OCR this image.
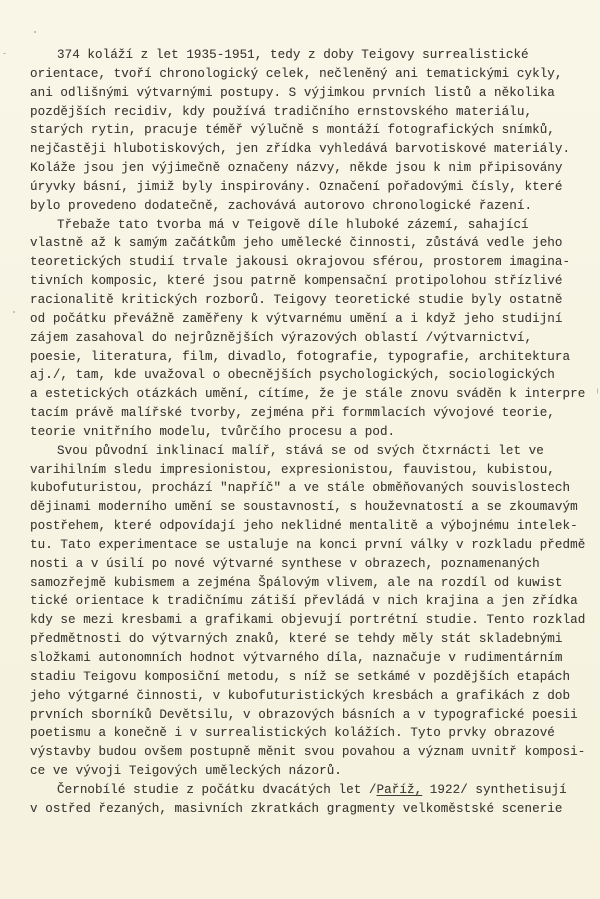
374 koláží z let 1935-1951, tedy z doby Teigovy surrealistické
orientace, tvoří chronologický celek, nečleněný ani tematickými cykly,
ani odlišnými výtvarnými postupy. S výjimkou prvních listů a několika
pozdějších recidiv, kdy používá tradičního ernstovského materiálu,
starých rytin, pracuje téměř výlučně s montáží fotografických snímků,
nejčastěji hlubotiskových, jen zřídka vyhledává barvotiskové materiály.
Koláže jsou jen výjimečně označeny názvy, někde jsou k nim připisovány
úryvky básní, jimiž byly inspirovány. Označení pořadovými čísly, které
bylo provedeno dodatečně, zachovává autorovo chronologické řazení.
Třebaže tato tvorba má v Teigově díle hluboké zázemí, sahající
vlastně až k samým začátkům jeho umělecké činnosti, zůstává vedle jeho
teoretických studií trvale jakousi okrajovou sférou, prostorem imagina-
tivních komposic, které jsou patrně kompensační protipolohou střízlivé
racionalitě kritických rozborů. Teigovy teoretické studie byly ostatně
od počátku převážně zaměřeny k výtvarnému umění a i když jeho studijní
zájem zasahoval do nejrůznějších výrazových oblastí /výtvarnictví,
poesie, literatura, film, divadlo, fotografie, typografie, architektura
aj./, tam, kde uvažoval o obecnějších psychologických, sociologických
a estetických otázkách umění, cítíme, že je stále znovu sváděn k interpre
tacím právě malířské tvorby, zejména při formmlacích vývojové teorie,
teorie vnitřního modelu, tvůrčího procesu a pod.
Svou původní inklinací malíř, stává se od svých čtxrnácti let ve
varihilním sledu impresionistou, expresionistou, fauvistou, kubistou,
kubofuturistou, prochází "napříč" a ve stále obměňovaných souvislostech
dějinami moderního umění se soustavností, s houževnatostí a se zkoumavým
postřehem, které odpovídají jeho neklidné mentalitě a výbojnému intelek-
tu. Tato experimentace se ustaluje na konci první války v rozkladu předmě
nosti a v úsilí po nové výtvarné synthese v obrazech, poznamenaných
samozřejmě kubismem a zejména Špálovým vlivem, ale na rozdíl od kuwist
tické orientace k tradičnímu zátiší převládá v nich krajina a jen zřídka
kdy se mezi kresbami a grafikami objevují portrétní studie. Tento rozklad
předmětnosti do výtvarných znaků, které se tehdy měly stát skladebnými
složkami autonomních hodnot výtvarného díla, naznačuje v rudimentárním
stadiu Teigovu komposiční metodu, s níž se setkámé v pozdějších etapách
jeho výtgarné činnosti, v kubofuturistických kresbách a grafikách z dob
prvních sborníků Devětsilu, v obrazových básních a v typografické poesii
poetismu a konečně i v surrealistických kolážích. Tyto prvky obrazové
výstavby budou ovšem postupně měnit svou povahou a význam uvnitř komposi-
ce ve vývoji Teigových uměleckých názorů.
Černobílé studie z počátku dvacátých let /Paříž, 1922/ synthetisují
v ostřed řezaných, masivních zkratkách gragmenty velkoměstské scenerie
